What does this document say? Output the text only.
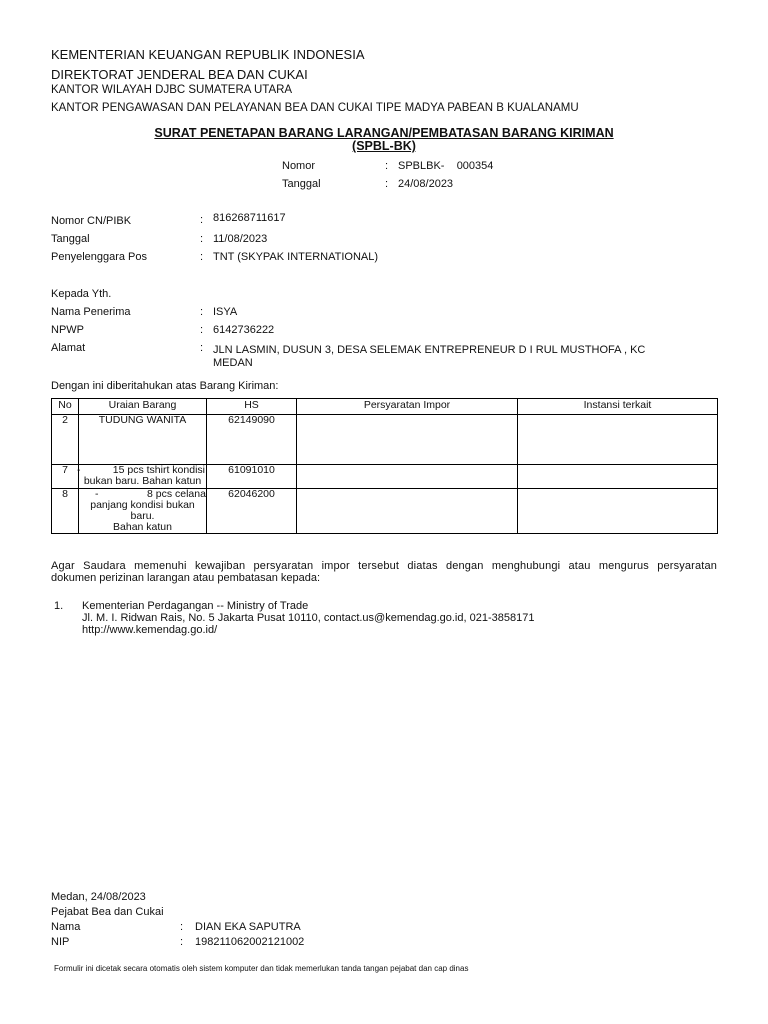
KEMENTERIAN KEUANGAN REPUBLIK INDONESIA
DIREKTORAT JENDERAL BEA DAN CUKAI
KANTOR WILAYAH DJBC SUMATERA UTARA
KANTOR PENGAWASAN DAN PELAYANAN BEA DAN CUKAI TIPE MADYA PABEAN B KUALANAMU
SURAT PENETAPAN BARANG LARANGAN/PEMBATASAN BARANG KIRIMAN
(SPBL-BK)
Nomor	: SPBLBK-    000354
Tanggal	: 24/08/2023
Nomor CN/PIBK	: 816268711617
Tanggal	: 11/08/2023
Penyelenggara Pos	: TNT (SKYPAK INTERNATIONAL)
Kepada Yth.
Nama Penerima	: ISYA
NPWP	: 6142736222
Alamat	: JLN LASMIN, DUSUN 3, DESA SELEMAK ENTREPRENEUR D I RUL MUSTHOFA , KC
MEDAN
Dengan ini diberitahukan atas Barang Kiriman:
No	Uraian Barang	HS	Persyaratan Impor	Instansi terkait
2	TUDUNG WANITA	62149090		
7	- 15 pcs tshirt kondisi
bukan baru. Bahan katun	61091010		
8	- 8 pcs celana
panjang kondisi bukan baru.
Bahan katun	62046200		
Agar Saudara memenuhi kewajiban persyaratan impor tersebut diatas dengan menghubungi atau mengurus persyaratan
dokumen perizinan larangan atau pembatasan kepada:
1. Kementerian Perdagangan -- Ministry of Trade
Jl. M. I. Ridwan Rais, No. 5 Jakarta Pusat 10110, contact.us@kemendag.go.id, 021-3858171
http://www.kemendag.go.id/
Medan, 24/08/2023
Pejabat Bea dan Cukai
Nama	: DIAN EKA SAPUTRA
NIP	: 198211062002121002
Formulir ini dicetak secara otomatis oleh sistem komputer dan tidak memerlukan tanda tangan pejabat dan cap dinas
